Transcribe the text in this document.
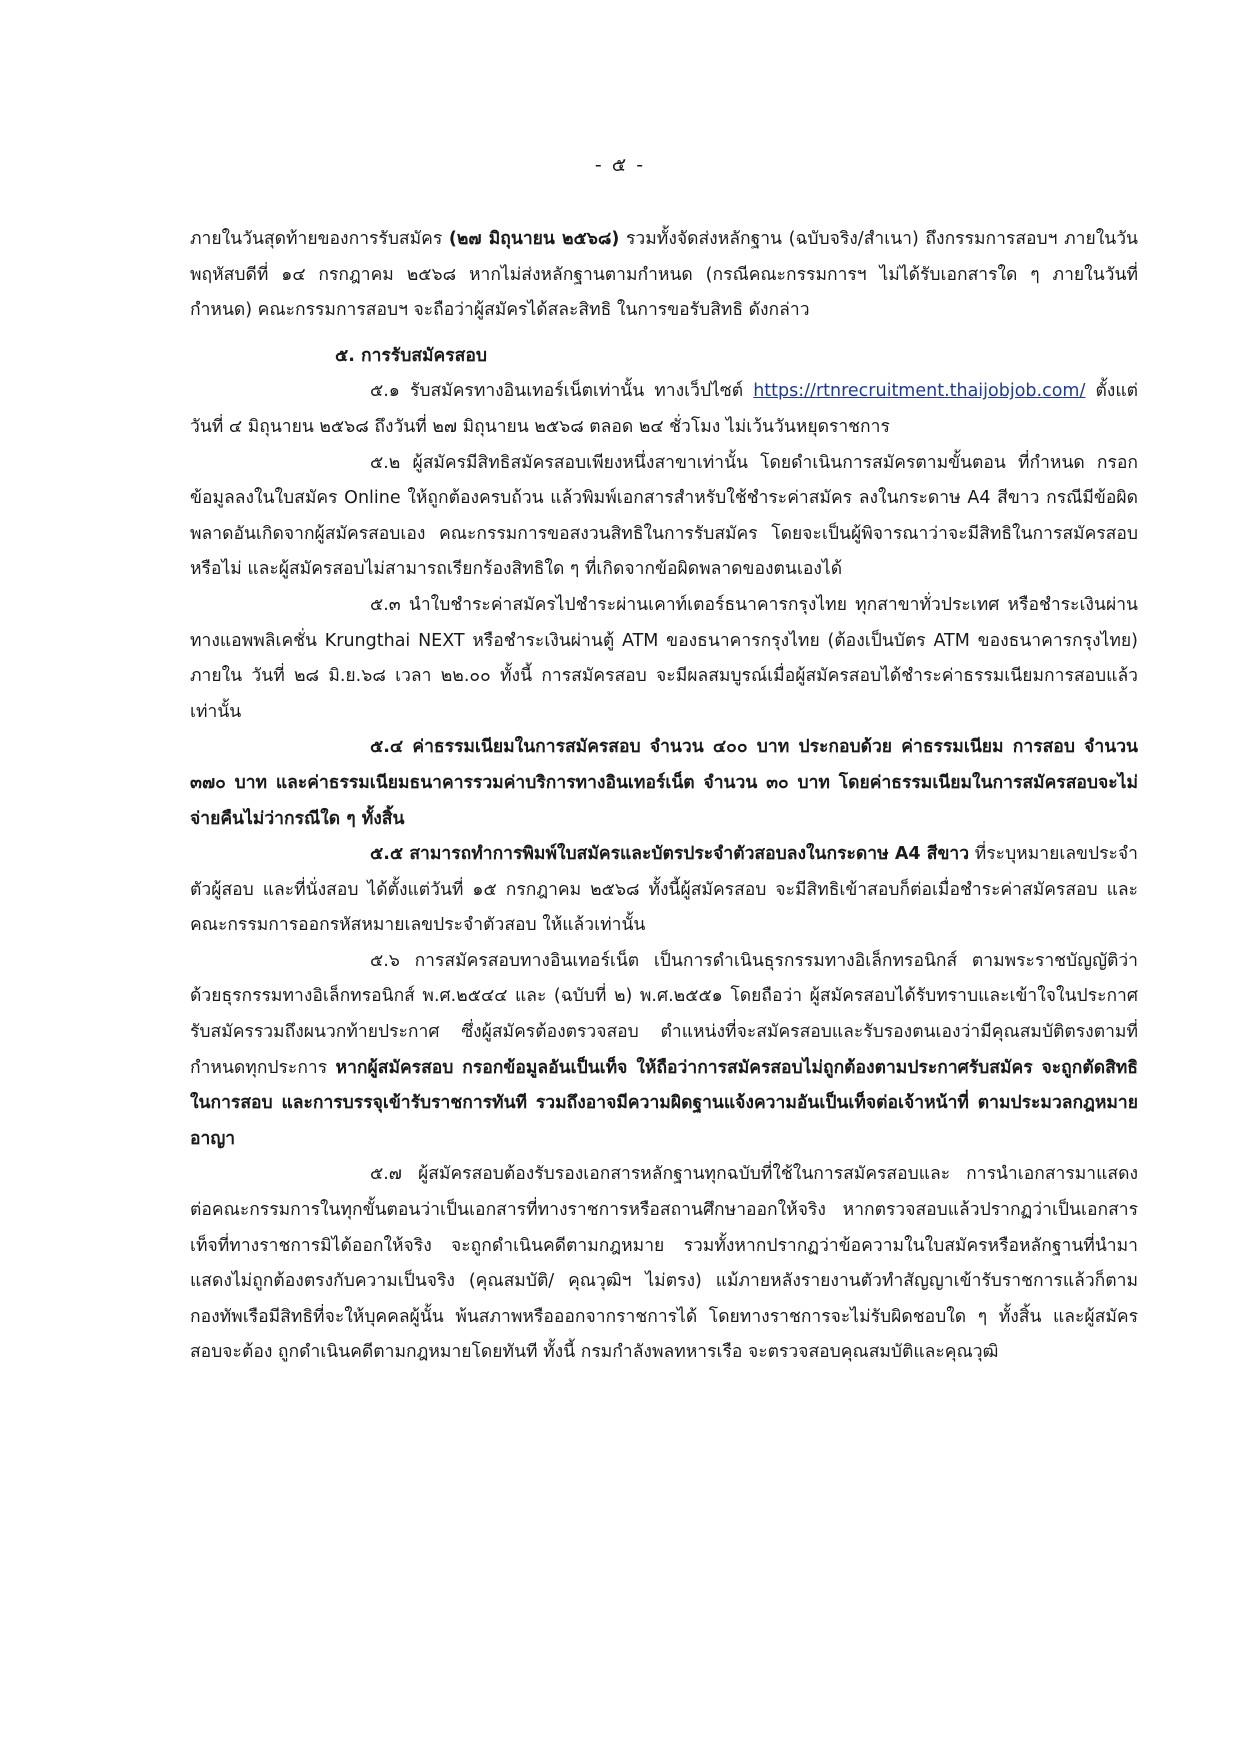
- ๕ -

ภายในวันสุดท้ายของการรับสมัคร (๒๗ มิถุนายน ๒๕๖๘) รวมทั้งจัดส่งหลักฐาน (ฉบับจริง/สำเนา) ถึงกรรมการสอบฯ ภายในวันพฤหัสบดีที่ ๑๔ กรกฎาคม ๒๕๖๘ หากไม่ส่งหลักฐานตามกำหนด (กรณีคณะกรรมการฯ ไม่ได้รับเอกสารใด ๆ ภายในวันที่กำหนด) คณะกรรมการสอบฯ จะถือว่าผู้สมัครได้สละสิทธิ ในการขอรับสิทธิ ดังกล่าว

๕. การรับสมัครสอบ

๕.๑ รับสมัครทางอินเทอร์เน็ตเท่านั้น ทางเว็ปไซต์ https://rtnrecruitment.thaijobjob.com/ ตั้งแต่วันที่ ๔ มิถุนายน ๒๕๖๘ ถึงวันที่ ๒๗ มิถุนายน ๒๕๖๘ ตลอด ๒๔ ชั่วโมง ไม่เว้นวันหยุดราชการ

๕.๒ ผู้สมัครมีสิทธิสมัครสอบเพียงหนึ่งสาขาเท่านั้น โดยดำเนินการสมัครตามขั้นตอน ที่กำหนด กรอกข้อมูลลงในใบสมัคร Online ให้ถูกต้องครบถ้วน แล้วพิมพ์เอกสารสำหรับใช้ชำระค่าสมัคร ลงในกระดาษ A4 สีขาว กรณีมีข้อผิดพลาดอันเกิดจากผู้สมัครสอบเอง คณะกรรมการขอสงวนสิทธิในการรับสมัคร โดยจะเป็นผู้พิจารณาว่าจะมีสิทธิในการสมัครสอบหรือไม่ และผู้สมัครสอบไม่สามารถเรียกร้องสิทธิใด ๆ ที่เกิดจากข้อผิดพลาดของตนเองได้

๕.๓ นำใบชำระค่าสมัครไปชำระผ่านเคาท์เตอร์ธนาคารกรุงไทย ทุกสาขาทั่วประเทศ หรือชำระเงินผ่านทางแอพพลิเคชั่น Krungthai NEXT หรือชำระเงินผ่านตู้ ATM ของธนาคารกรุงไทย (ต้องเป็นบัตร ATM ของธนาคารกรุงไทย) ภายใน วันที่ ๒๘ มิ.ย.๖๘ เวลา ๒๒.๐๐ ทั้งนี้ การสมัครสอบ จะมีผลสมบูรณ์เมื่อผู้สมัครสอบได้ชำระค่าธรรมเนียมการสอบแล้วเท่านั้น

๕.๔ ค่าธรรมเนียมในการสมัครสอบ จำนวน ๔๐๐ บาท ประกอบด้วย ค่าธรรมเนียม การสอบ จำนวน ๓๗๐ บาท และค่าธรรมเนียมธนาคารรวมค่าบริการทางอินเทอร์เน็ต จำนวน ๓๐ บาท โดยค่าธรรมเนียมในการสมัครสอบจะไม่จ่ายคืนไม่ว่ากรณีใด ๆ ทั้งสิ้น

๕.๕ สามารถทำการพิมพ์ใบสมัครและบัตรประจำตัวสอบลงในกระดาษ A4 สีขาว ที่ระบุหมายเลขประจำตัวผู้สอบ และที่นั่งสอบ ได้ตั้งแต่วันที่ ๑๕ กรกฎาคม ๒๕๖๘ ทั้งนี้ผู้สมัครสอบ จะมีสิทธิเข้าสอบก็ต่อเมื่อชำระค่าสมัครสอบ และคณะกรรมการออกรหัสหมายเลขประจำตัวสอบ ให้แล้วเท่านั้น

๕.๖ การสมัครสอบทางอินเทอร์เน็ต เป็นการดำเนินธุรกรรมทางอิเล็กทรอนิกส์ ตามพระราชบัญญัติว่าด้วยธุรกรรมทางอิเล็กทรอนิกส์ พ.ศ.๒๕๔๔ และ (ฉบับที่ ๒) พ.ศ.๒๕๕๑ โดยถือว่า ผู้สมัครสอบได้รับทราบและเข้าใจในประกาศรับสมัครรวมถึงผนวกท้ายประกาศ ซึ่งผู้สมัครต้องตรวจสอบ ตำแหน่งที่จะสมัครสอบและรับรองตนเองว่ามีคุณสมบัติตรงตามที่กำหนดทุกประการ หากผู้สมัครสอบ กรอกข้อมูลอันเป็นเท็จ ให้ถือว่าการสมัครสอบไม่ถูกต้องตามประกาศรับสมัคร จะถูกตัดสิทธิในการสอบ และการบรรจุเข้ารับราชการทันที รวมถึงอาจมีความผิดฐานแจ้งความอันเป็นเท็จต่อเจ้าหน้าที่ ตามประมวลกฎหมายอาญา

๕.๗ ผู้สมัครสอบต้องรับรองเอกสารหลักฐานทุกฉบับที่ใช้ในการสมัครสอบและ การนำเอกสารมาแสดงต่อคณะกรรมการในทุกขั้นตอนว่าเป็นเอกสารที่ทางราชการหรือสถานศึกษาออกให้จริง หากตรวจสอบแล้วปรากฏว่าเป็นเอกสารเท็จที่ทางราชการมิได้ออกให้จริง จะถูกดำเนินคดีตามกฎหมาย รวมทั้งหากปรากฏว่าข้อความในใบสมัครหรือหลักฐานที่นำมาแสดงไม่ถูกต้องตรงกับความเป็นจริง (คุณสมบัติ/ คุณวุฒิฯ ไม่ตรง) แม้ภายหลังรายงานตัวทำสัญญาเข้ารับราชการแล้วก็ตาม กองทัพเรือมีสิทธิที่จะให้บุคคลผู้นั้น พ้นสภาพหรือออกจากราชการได้ โดยทางราชการจะไม่รับผิดชอบใด ๆ ทั้งสิ้น และผู้สมัครสอบจะต้อง ถูกดำเนินคดีตามกฎหมายโดยทันที ทั้งนี้ กรมกำลังพลทหารเรือ จะตรวจสอบคุณสมบัติและคุณวุฒิ
